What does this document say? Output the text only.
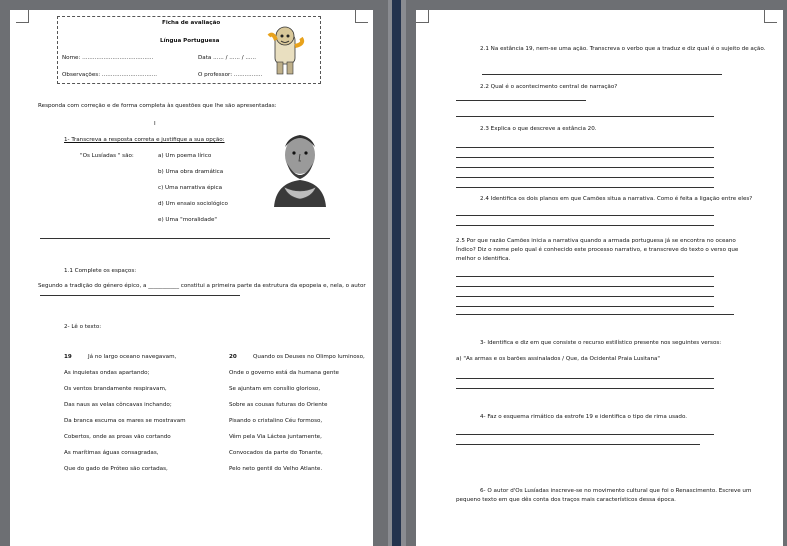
Ficha de avaliação
Língua Portuguesa
Nome: ........................................	Data ...... / ...... / ......
Observações: ...............................	O professor: ................
Responda com correção e de forma completa às questões que lhe são apresentadas:
I
1- Transcreva a resposta correta e justifique a sua opção:
"Os Lusíadas " são:	a) Um poema lírico
b) Uma obra dramática
c) Uma narrativa épica
d) Um ensaio sociológico
e) Uma "moralidade"
1.1 Complete os espaços:
Segundo a tradição do género épico, a ___________ constitui a primeira parte da estrutura da epopeia e, nela, o autor
2- Lê o texto:
19	Já no largo oceano navegavam,
As inquietas ondas apartando;
Os ventos brandamente respiravam,
Das naus as velas côncavas inchando;
Da branca escuma os mares se mostravam
Cobertos, onde as proas vão cortando
As marítimas águas consagradas,
Que do gado de Próteo são cortadas,
20	Quando os Deuses no Olimpo luminoso,
Onde o governo está da humana gente
Se ajuntam em consílio glorioso,
Sobre as cousas futuras do Oriente
Pisando o cristalino Céu formoso,
Vêm pela Via Láctea juntamente,
Convocados da parte do Tonante,
Pelo neto gentil do Velho Atlante.
2.1 Na estância 19, nem-se uma ação. Transcreva o verbo que a traduz e diz qual é o sujeito de ação.
2.2 Qual é o acontecimento central de narração?
2.3 Explica o que descreve a estância 20.
2.4 Identifica os dois planos em que Camões situa a narrativa. Como é feita a ligação entre eles?
2.5 Por que razão Camões inicia a narrativa quando a armada portuguesa já se encontra no oceano
Índico? Diz o nome pelo qual é conhecido este processo narrativo, e transcreve do texto o verso que
melhor o identifica.
3- Identifica e diz em que consiste o recurso estilístico presente nos seguintes versos:
a) "As armas e os barões assinalados / Que, da Ocidental Praia Lusitana"
4- Faz o esquema rimático da estrofe 19 e identifica o tipo de rima usado.
6- O autor d'Os Lusíadas inscreve-se no movimento cultural que foi o Renascimento. Escreve um
pequeno texto em que dês conta dos traços mais característicos dessa época.
